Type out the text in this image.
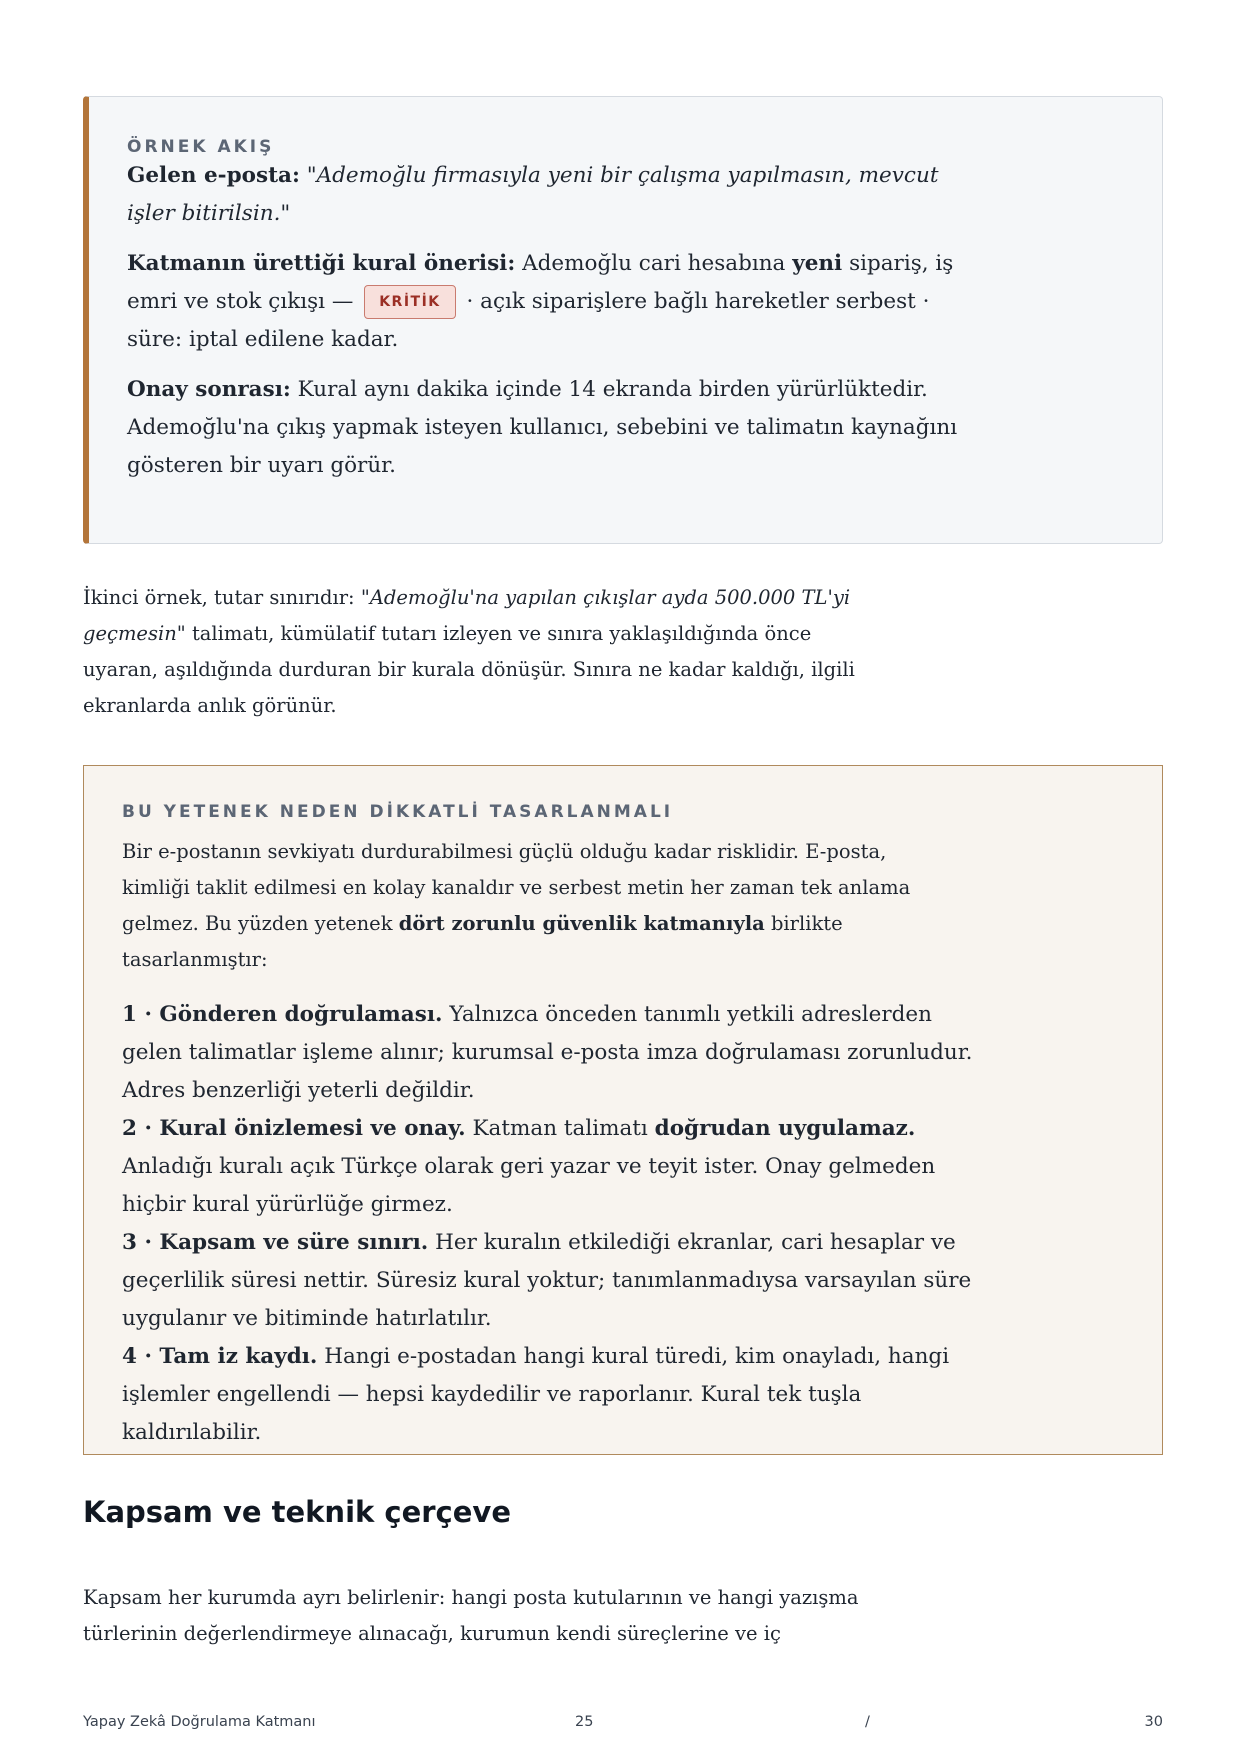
ÖRNEK AKIŞ

Gelen e-posta: "Ademoğlu firmasıyla yeni bir çalışma yapılmasın, mevcut işler bitirilsin."

Katmanın ürettiği kural önerisi: Ademoğlu cari hesabına yeni sipariş, iş emri ve stok çıkışı — KRİTİK · açık siparişlere bağlı hareketler serbest · süre: iptal edilene kadar.

Onay sonrası: Kural aynı dakika içinde 14 ekranda birden yürürlüktedir. Ademoğlu'na çıkış yapmak isteyen kullanıcı, sebebini ve talimatın kaynağını gösteren bir uyarı görür.

İkinci örnek, tutar sınırıdır: "Ademoğlu'na yapılan çıkışlar ayda 500.000 TL'yi geçmesin" talimatı, kümülatif tutarı izleyen ve sınıra yaklaşıldığında önce uyaran, aşıldığında durduran bir kurala dönüşür. Sınıra ne kadar kaldığı, ilgili ekranlarda anlık görünür.

BU YETENEK NEDEN DİKKATLİ TASARLANMALI
Bir e-postanın sevkiyatı durdurabilmesi güçlü olduğu kadar risklidir. E-posta, kimliği taklit edilmesi en kolay kanaldır ve serbest metin her zaman tek anlama gelmez. Bu yüzden yetenek dört zorunlu güvenlik katmanıyla birlikte tasarlanmıştır:

1 · Gönderen doğrulaması. Yalnızca önceden tanımlı yetkili adreslerden gelen talimatlar işleme alınır; kurumsal e-posta imza doğrulaması zorunludur. Adres benzerliği yeterli değildir.

2 · Kural önizlemesi ve onay. Katman talimatı doğrudan uygulamaz. Anladığı kuralı açık Türkçe olarak geri yazar ve teyit ister. Onay gelmeden hiçbir kural yürürlüğe girmez.

3 · Kapsam ve süre sınırı. Her kuralın etkilediği ekranlar, cari hesaplar ve geçerlilik süresi nettir. Süresiz kural yoktur; tanımlanmadıysa varsayılan süre uygulanır ve bitiminde hatırlatılır.

4 · Tam iz kaydı. Hangi e-postadan hangi kural türedi, kim onayladı, hangi işlemler engellendi — hepsi kaydedilir ve raporlanır. Kural tek tuşla kaldırılabilir.

Kapsam ve teknik çerçeve

Kapsam her kurumda ayrı belirlenir: hangi posta kutularının ve hangi yazışma türlerinin değerlendirmeye alınacağı, kurumun kendi süreçlerine ve iç

Yapay Zekâ Doğrulama Katmanı	25	/	30
